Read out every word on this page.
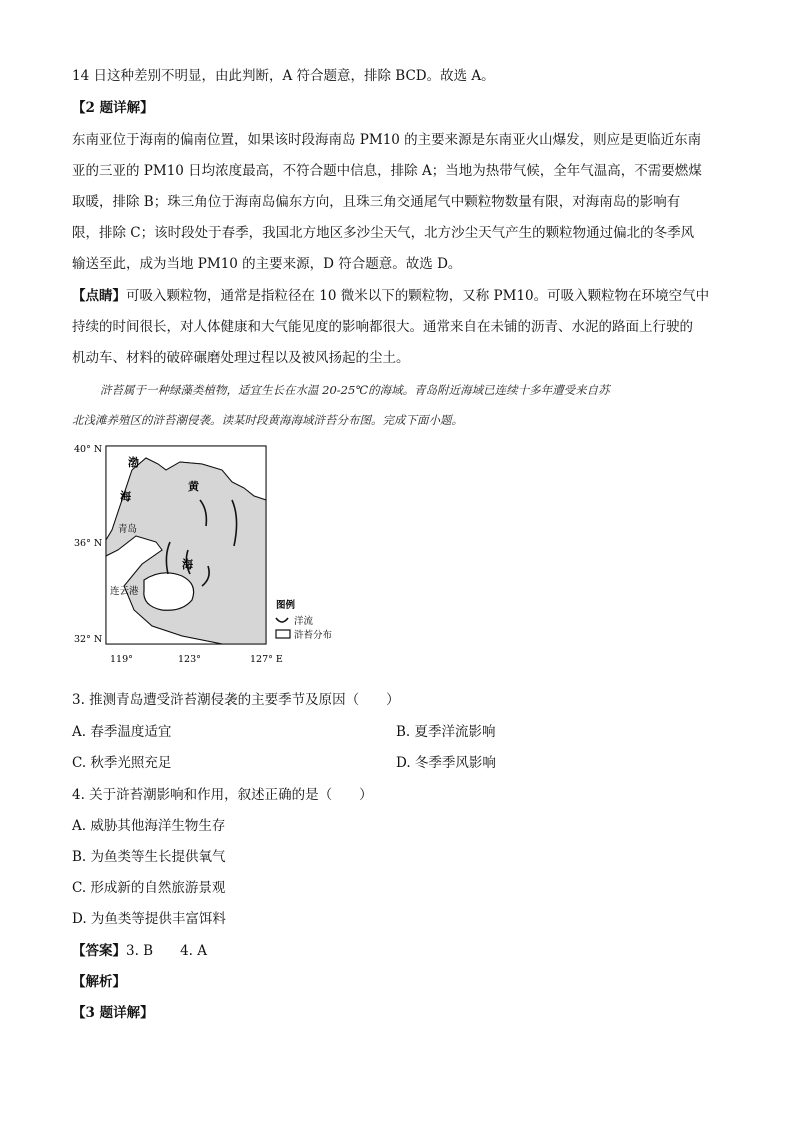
14 日这种差别不明显，由此判断，A 符合题意，排除 BCD。故选 A。
【2 题详解】
东南亚位于海南的偏南位置，如果该时段海南岛 PM10 的主要来源是东南亚火山爆发，则应是更临近东南
亚的三亚的 PM10 日均浓度最高，不符合题中信息，排除 A；当地为热带气候，全年气温高，不需要燃煤
取暖，排除 B；珠三角位于海南岛偏东方向，且珠三角交通尾气中颗粒物数量有限，对海南岛的影响有
限，排除 C；该时段处于春季，我国北方地区多沙尘天气，北方沙尘天气产生的颗粒物通过偏北的冬季风
输送至此，成为当地 PM10 的主要来源，D 符合题意。故选 D。
【点睛】可吸入颗粒物，通常是指粒径在 10 微米以下的颗粒物，又称 PM10。可吸入颗粒物在环境空气中
持续的时间很长，对人体健康和大气能见度的影响都很大。通常来自在未铺的沥青、水泥的路面上行驶的
机动车、材料的破碎碾磨处理过程以及被风扬起的尘土。
浒苔属于一种绿藻类植物，适宜生长在水温 20-25℃的海域。青岛附近海域已连续十多年遭受来自苏
北浅滩养殖区的浒苔潮侵袭。读某时段黄海海域浒苔分布图。完成下面小题。
渤
海
黄
海
青岛
连云港
40° N
36° N
32° N
119°	123°	127° E
图例
洋流
浒苔分布
3. 推测青岛遭受浒苔潮侵袭的主要季节及原因（　　）
A. 春季温度适宜	B. 夏季洋流影响
C. 秋季光照充足	D. 冬季季风影响
4. 关于浒苔潮影响和作用，叙述正确的是（　　）
A. 威胁其他海洋生物生存
B. 为鱼类等生长提供氧气
C. 形成新的自然旅游景观
D. 为鱼类等提供丰富饵料
【答案】3. B　　4. A
【解析】
【3 题详解】
